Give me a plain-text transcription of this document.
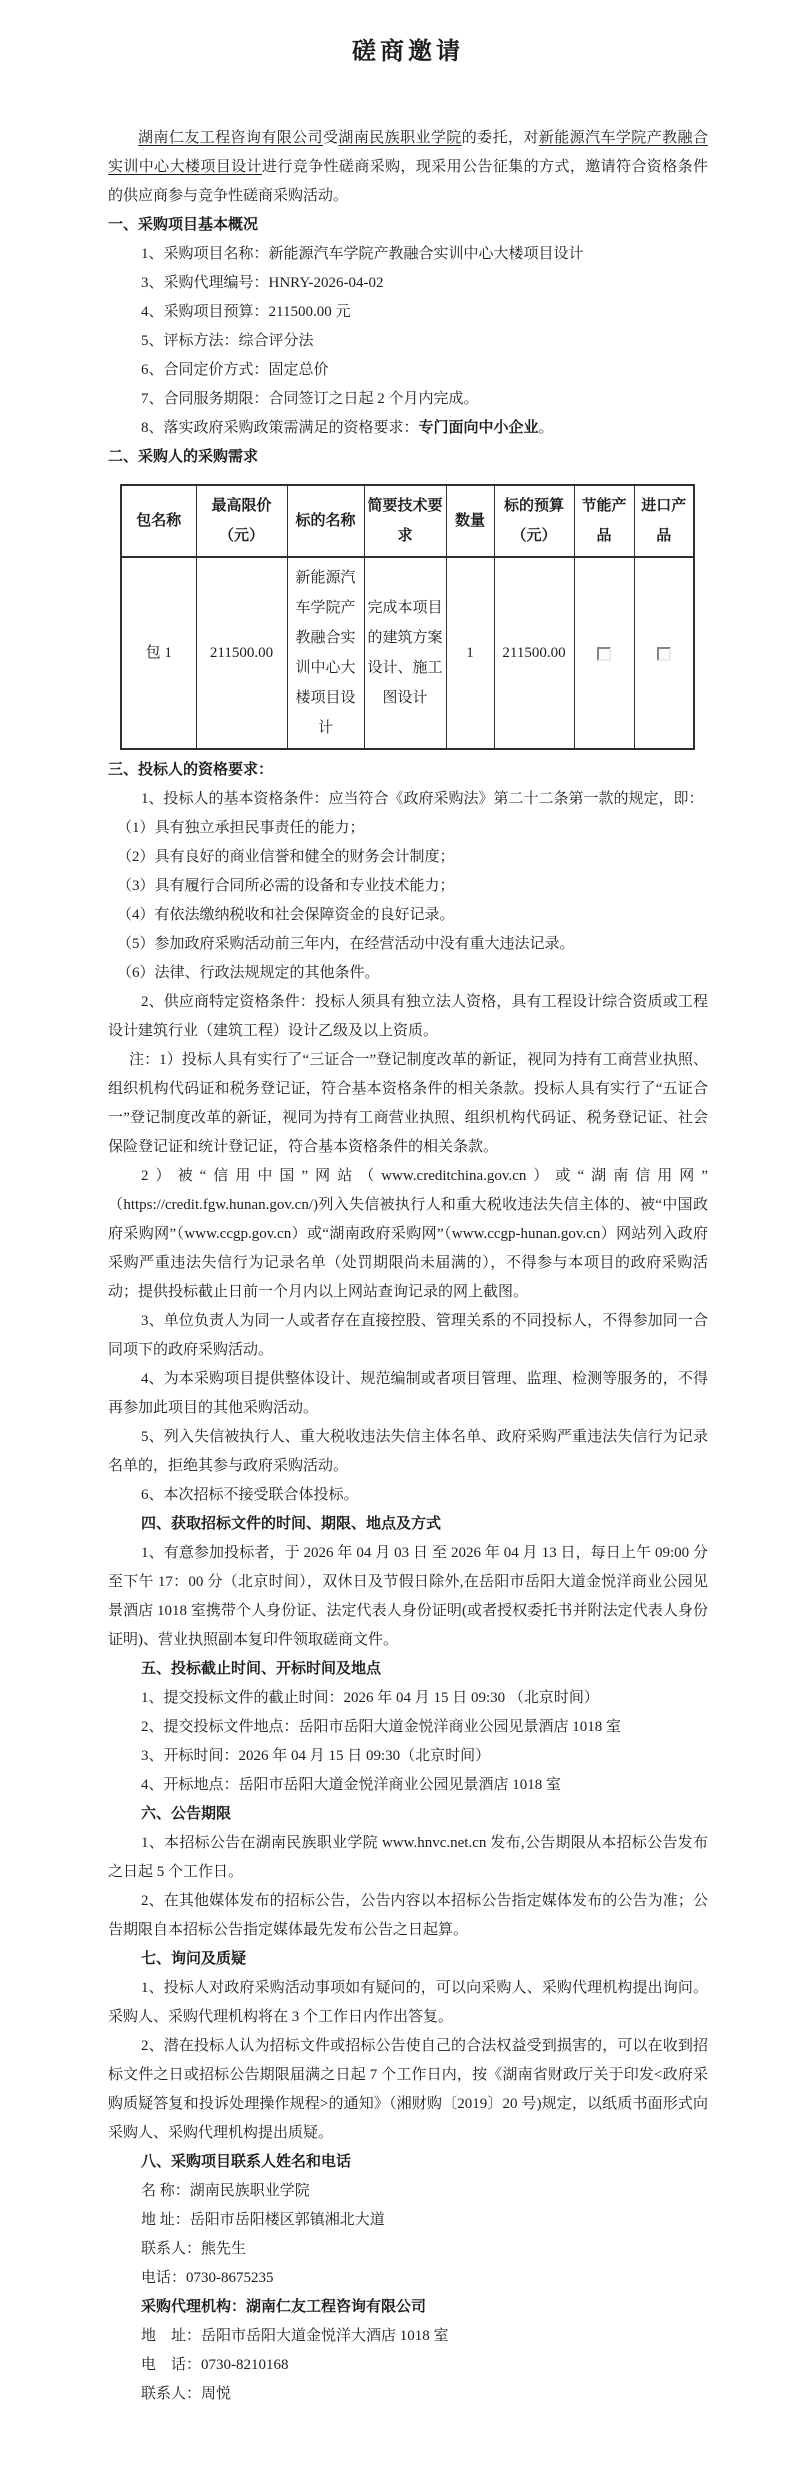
磋商邀请

湖南仁友工程咨询有限公司受湖南民族职业学院的委托，对新能源汽车学院产教融合实训中心大楼项目设计进行竞争性磋商采购，现采用公告征集的方式，邀请符合资格条件的供应商参与竞争性磋商采购活动。

一、采购项目基本概况

1、采购项目名称：新能源汽车学院产教融合实训中心大楼项目设计

3、采购代理编号：HNRY-2026-04-02

4、采购项目预算：211500.00 元

5、评标方法：综合评分法

6、合同定价方式：固定总价

7、合同服务期限：合同签订之日起 2 个月内完成。

8、落实政府采购政策需满足的资格要求：专门面向中小企业。

二、采购人的采购需求
包名称	最高限价（元）	标的名称	简要技术要求	数量	标的预算（元）	节能产品	进口产品
包 1	211500.00	新能源汽车学院产教融合实训中心大楼项目设计	完成本项目的建筑方案设计、施工图设计	1	211500.00		
三、投标人的资格要求：

1、投标人的基本资格条件：应当符合《政府采购法》第二十二条第一款的规定，即：

（1）具有独立承担民事责任的能力；

（2）具有良好的商业信誉和健全的财务会计制度；

（3）具有履行合同所必需的设备和专业技术能力；

（4）有依法缴纳税收和社会保障资金的良好记录。

（5）参加政府采购活动前三年内，在经营活动中没有重大违法记录。

（6）法律、行政法规规定的其他条件。

2、供应商特定资格条件：投标人须具有独立法人资格，具有工程设计综合资质或工程设计建筑行业（建筑工程）设计乙级及以上资质。

注：1）投标人具有实行了“三证合一”登记制度改革的新证，视同为持有工商营业执照、组织机构代码证和税务登记证，符合基本资格条件的相关条款。投标人具有实行了“五证合一”登记制度改革的新证，视同为持有工商营业执照、组织机构代码证、税务登记证、社会保险登记证和统计登记证，符合基本资格条件的相关条款。

2）被“信用中国”网站（www.creditchina.gov.cn）或“湖南信用网”（https://credit.fgw.hunan.gov.cn/)列入失信被执行人和重大税收违法失信主体的、被“中国政府采购网”（www.ccgp.gov.cn）或“湖南政府采购网”（www.ccgp-hunan.gov.cn）网站列入政府采购严重违法失信行为记录名单（处罚期限尚未届满的），不得参与本项目的政府采购活动；提供投标截止日前一个月内以上网站查询记录的网上截图。

3、单位负责人为同一人或者存在直接控股、管理关系的不同投标人，不得参加同一合同项下的政府采购活动。

4、为本采购项目提供整体设计、规范编制或者项目管理、监理、检测等服务的，不得再参加此项目的其他采购活动。

5、列入失信被执行人、重大税收违法失信主体名单、政府采购严重违法失信行为记录名单的，拒绝其参与政府采购活动。

6、本次招标不接受联合体投标。

四、获取招标文件的时间、期限、地点及方式

1、有意参加投标者，于 2026 年 04 月 03 日 至 2026 年 04 月 13 日，每日上午 09:00 分至下午 17：00 分（北京时间），双休日及节假日除外,在岳阳市岳阳大道金悦洋商业公园见景酒店 1018 室携带个人身份证、法定代表人身份证明(或者授权委托书并附法定代表人身份证明)、营业执照副本复印件领取磋商文件。

五、投标截止时间、开标时间及地点

1、提交投标文件的截止时间：2026 年 04 月 15 日 09:30 （北京时间）

2、提交投标文件地点：岳阳市岳阳大道金悦洋商业公园见景酒店 1018 室

3、开标时间：2026 年 04 月 15 日 09:30（北京时间）

4、开标地点：岳阳市岳阳大道金悦洋商业公园见景酒店 1018 室

六、公告期限

1、本招标公告在湖南民族职业学院 www.hnvc.net.cn 发布,公告期限从本招标公告发布之日起 5 个工作日。

2、在其他媒体发布的招标公告，公告内容以本招标公告指定媒体发布的公告为准；公告期限自本招标公告指定媒体最先发布公告之日起算。

七、询问及质疑

1、投标人对政府采购活动事项如有疑问的，可以向采购人、采购代理机构提出询问。采购人、采购代理机构将在 3 个工作日内作出答复。

2、潜在投标人认为招标文件或招标公告使自己的合法权益受到损害的，可以在收到招标文件之日或招标公告期限届满之日起 7 个工作日内，按《湖南省财政厅关于印发<政府采购质疑答复和投诉处理操作规程>的通知》（湘财购〔2019〕20 号)规定，以纸质书面形式向采购人、采购代理机构提出质疑。

八、采购项目联系人姓名和电话

名 称：湖南民族职业学院

地 址：岳阳市岳阳楼区郭镇湘北大道

联系人：熊先生

电话：0730-8675235

采购代理机构：湖南仁友工程咨询有限公司

地　址：岳阳市岳阳大道金悦洋大酒店 1018 室

电　话：0730-8210168

联系人：周悦
